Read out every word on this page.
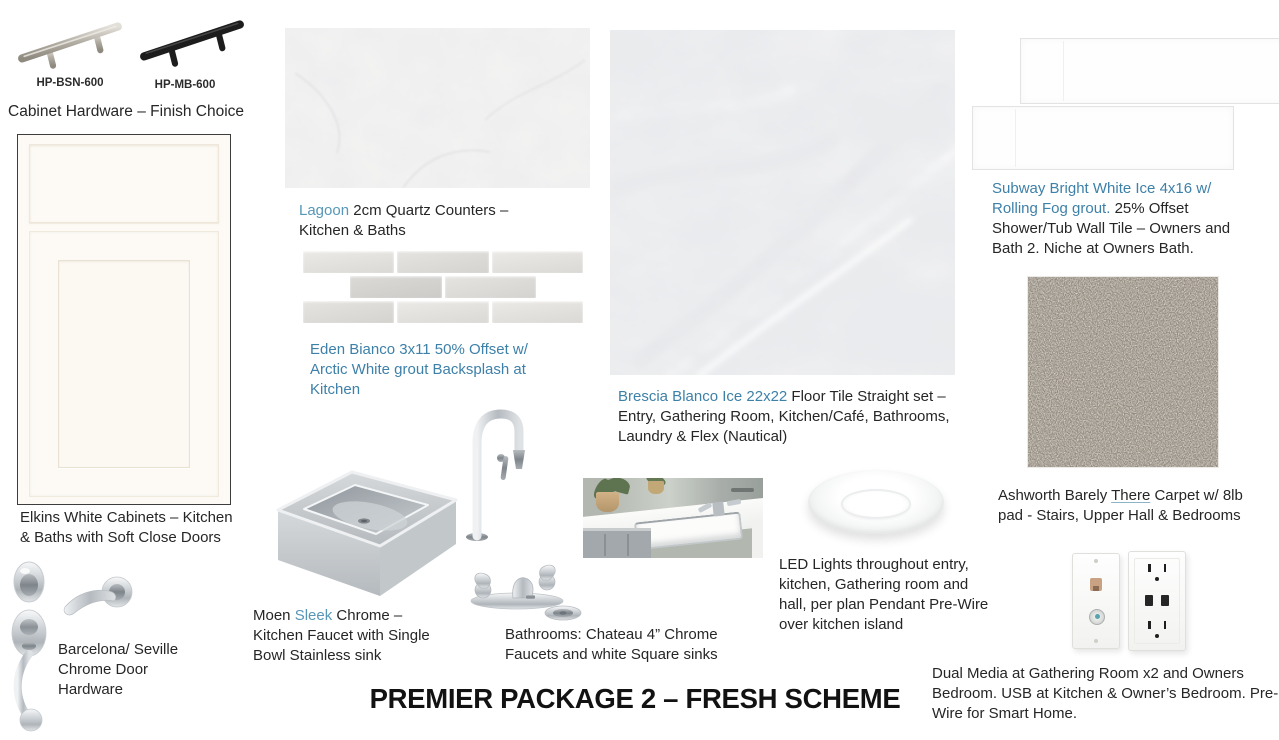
HP-BSN-600	HP-MB-600

Cabinet Hardware – Finish Choice

Elkins White Cabinets – Kitchen & Baths with Soft Close Doors

Barcelona/ Seville Chrome Door Hardware

Lagoon 2cm Quartz Counters – Kitchen & Baths

Eden Bianco 3x11 50% Offset w/ Arctic White grout Backsplash at Kitchen

Moen Sleek Chrome – Kitchen Faucet with Single Bowl Stainless sink

Bathrooms: Chateau 4” Chrome Faucets and white Square sinks

Brescia Blanco Ice 22x22 Floor Tile Straight set – Entry, Gathering Room, Kitchen/Café, Bathrooms, Laundry & Flex (Nautical)

LED Lights throughout entry, kitchen, Gathering room and hall, per plan Pendant Pre-Wire over kitchen island

Subway Bright White Ice 4x16 w/ Rolling Fog grout. 25% Offset Shower/Tub Wall Tile – Owners and Bath 2. Niche at Owners Bath.

Ashworth Barely There Carpet w/ 8lb pad - Stairs, Upper Hall & Bedrooms

Dual Media at Gathering Room x2 and Owners Bedroom. USB at Kitchen & Owner’s Bedroom. Pre-Wire for Smart Home.

PREMIER PACKAGE 2 – FRESH SCHEME
